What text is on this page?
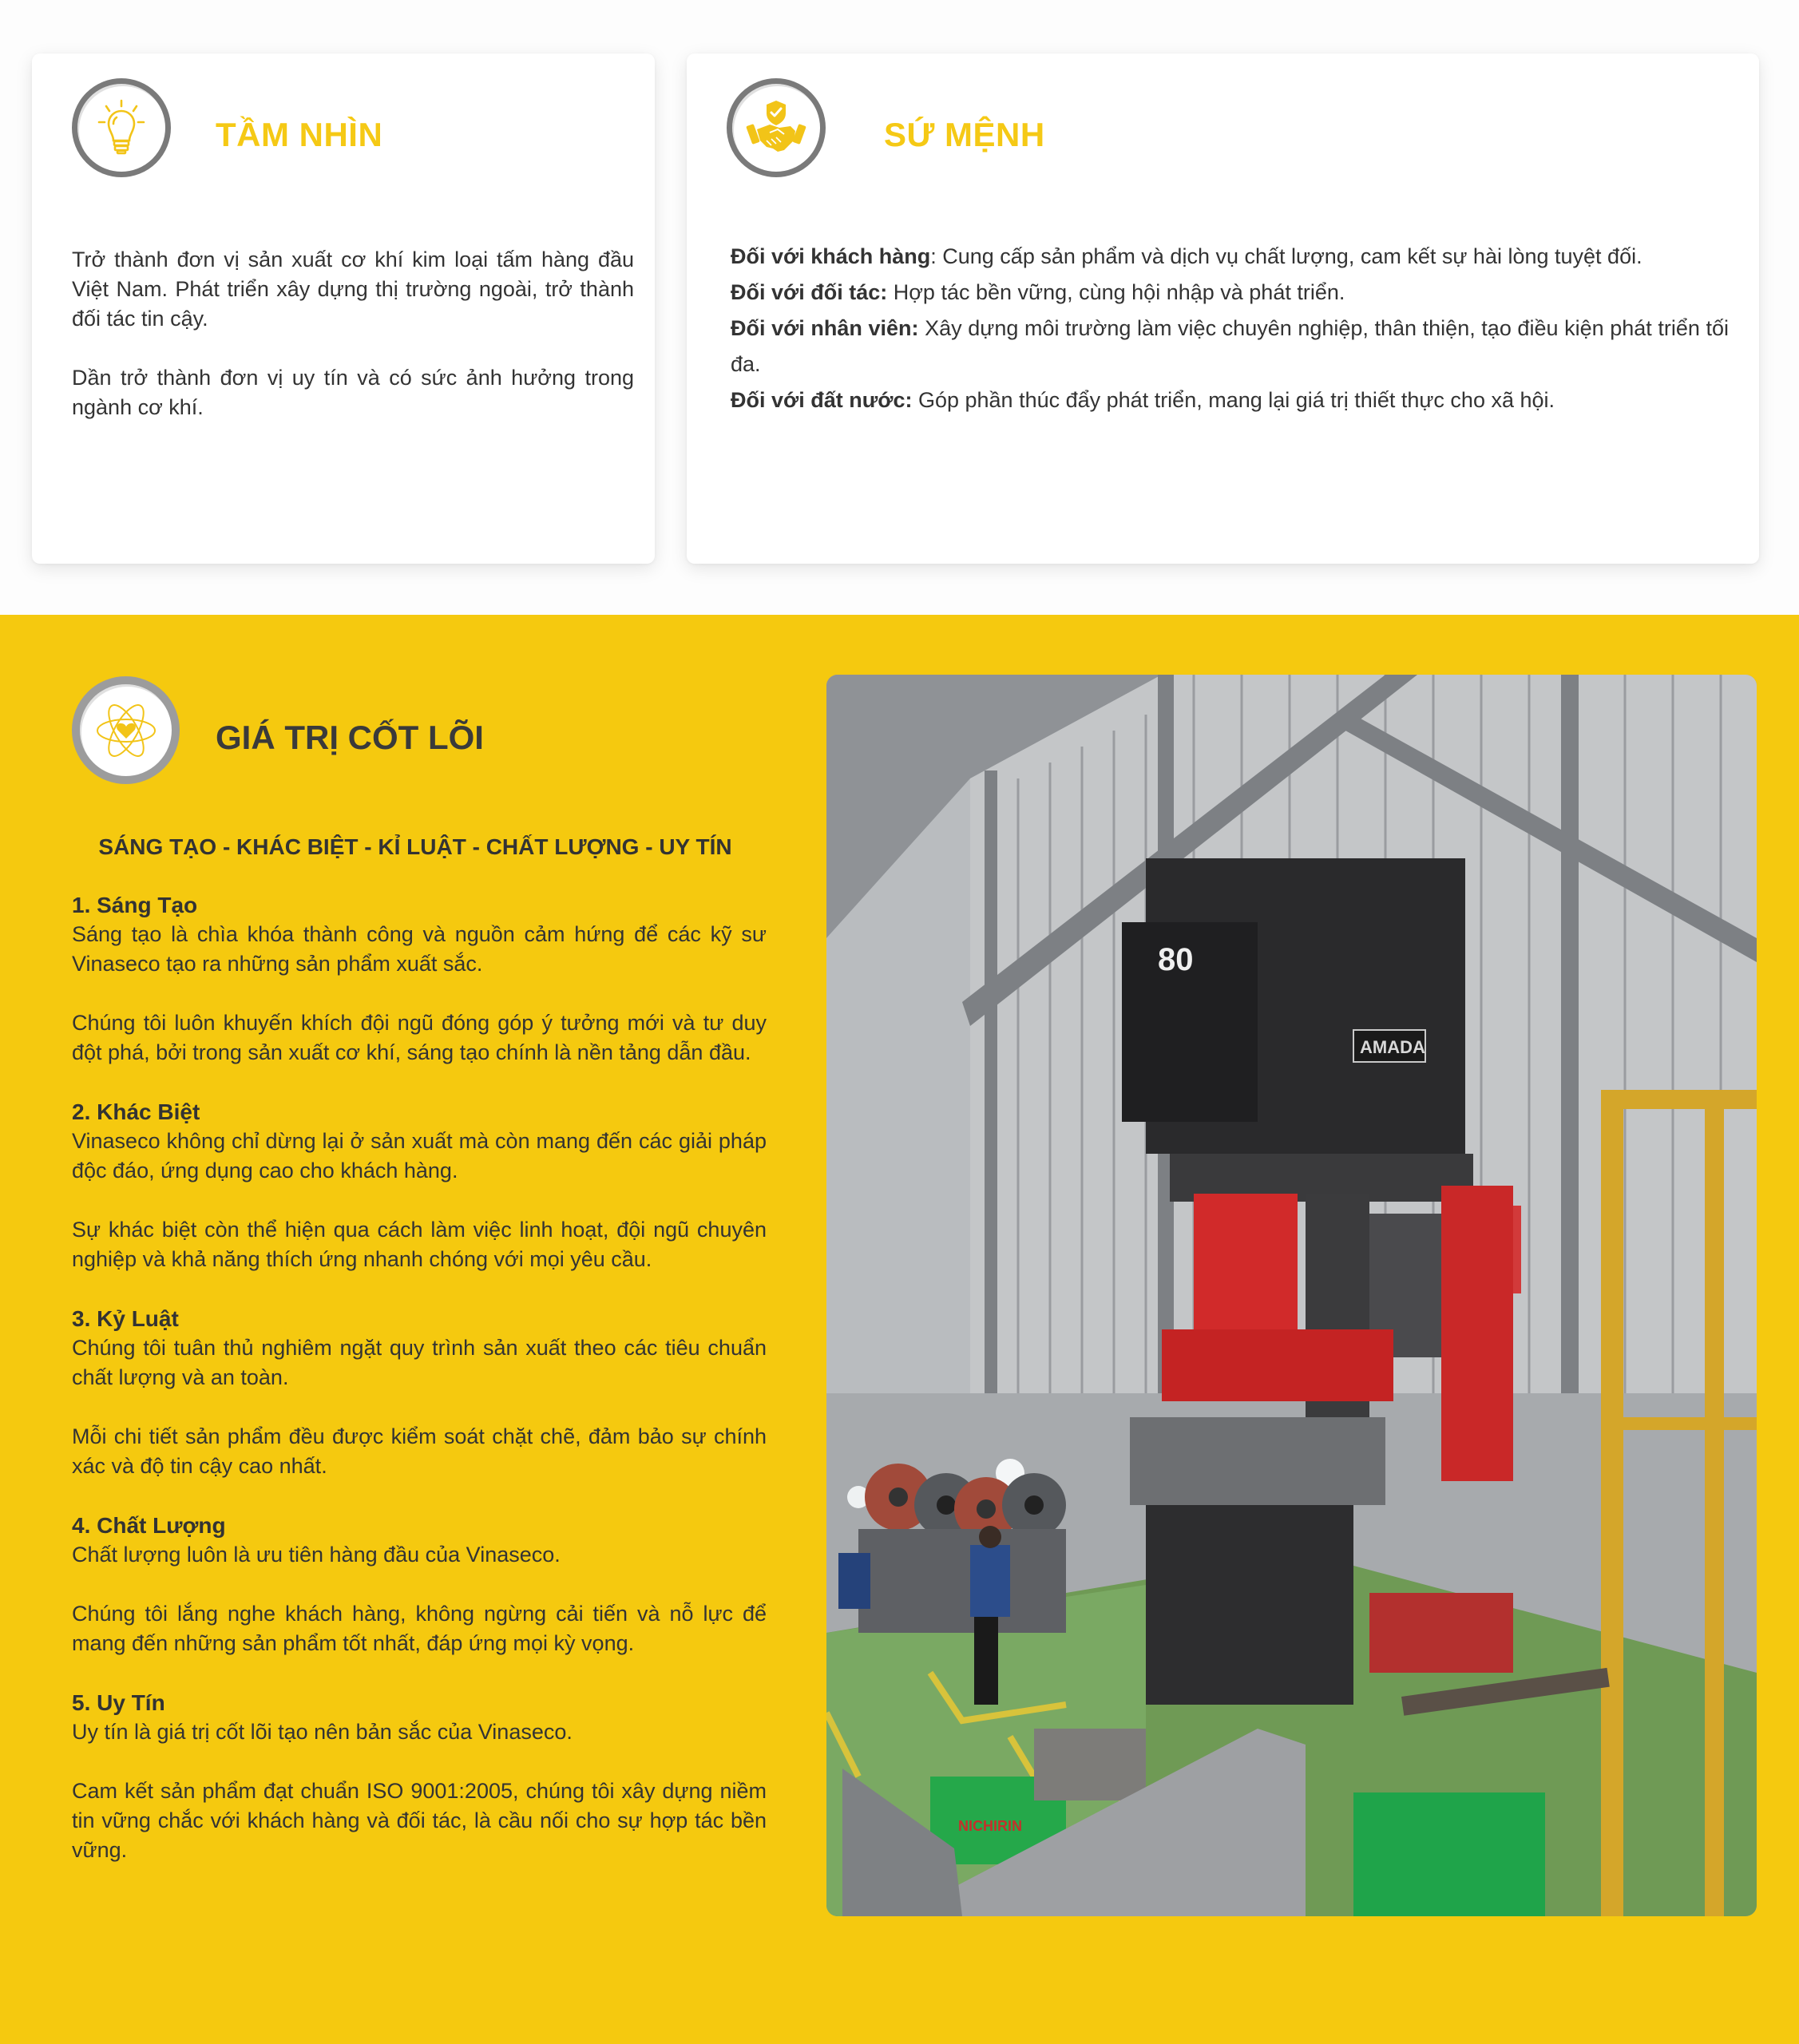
TẦM NHÌN

Trở thành đơn vị sản xuất cơ khí kim loại tấm hàng đầu Việt Nam. Phát triển xây dựng thị trường ngoài, trở thành đối tác tin cậy.

Dần trở thành đơn vị uy tín và có sức ảnh hưởng trong ngành cơ khí.

SỨ MỆNH
Đối với khách hàng: Cung cấp sản phẩm và dịch vụ chất lượng, cam kết sự hài lòng tuyệt đối.
Đối với đối tác: Hợp tác bền vững, cùng hội nhập và phát triển.
Đối với nhân viên: Xây dựng môi trường làm việc chuyên nghiệp, thân thiện, tạo điều kiện phát triển tối đa.
Đối với đất nước: Góp phần thúc đẩy phát triển, mang lại giá trị thiết thực cho xã hội.
GIÁ TRỊ CỐT LÕI
SÁNG TẠO - KHÁC BIỆT - KỈ LUẬT - CHẤT LƯỢNG - UY TÍN
1. Sáng Tạo

Sáng tạo là chìa khóa thành công và nguồn cảm hứng để các kỹ sư Vinaseco tạo ra những sản phẩm xuất sắc.

Chúng tôi luôn khuyến khích đội ngũ đóng góp ý tưởng mới và tư duy đột phá, bởi trong sản xuất cơ khí, sáng tạo chính là nền tảng dẫn đầu.

2. Khác Biệt

Vinaseco không chỉ dừng lại ở sản xuất mà còn mang đến các giải pháp độc đáo, ứng dụng cao cho khách hàng.

Sự khác biệt còn thể hiện qua cách làm việc linh hoạt, đội ngũ chuyên nghiệp và khả năng thích ứng nhanh chóng với mọi yêu cầu.

3. Kỷ Luật

Chúng tôi tuân thủ nghiêm ngặt quy trình sản xuất theo các tiêu chuẩn chất lượng và an toàn.

Mỗi chi tiết sản phẩm đều được kiểm soát chặt chẽ, đảm bảo sự chính xác và độ tin cậy cao nhất.

4. Chất Lượng

Chất lượng luôn là ưu tiên hàng đầu của Vinaseco.

Chúng tôi lắng nghe khách hàng, không ngừng cải tiến và nỗ lực để mang đến những sản phẩm tốt nhất, đáp ứng mọi kỳ vọng.

5. Uy Tín

Uy tín là giá trị cốt lõi tạo nên bản sắc của Vinaseco.

Cam kết sản phẩm đạt chuẩn ISO 9001:2005, chúng tôi xây dựng niềm tin vững chắc với khách hàng và đối tác, là cầu nối cho sự hợp tác bền vững.

80
AMADA
NICHIRIN
